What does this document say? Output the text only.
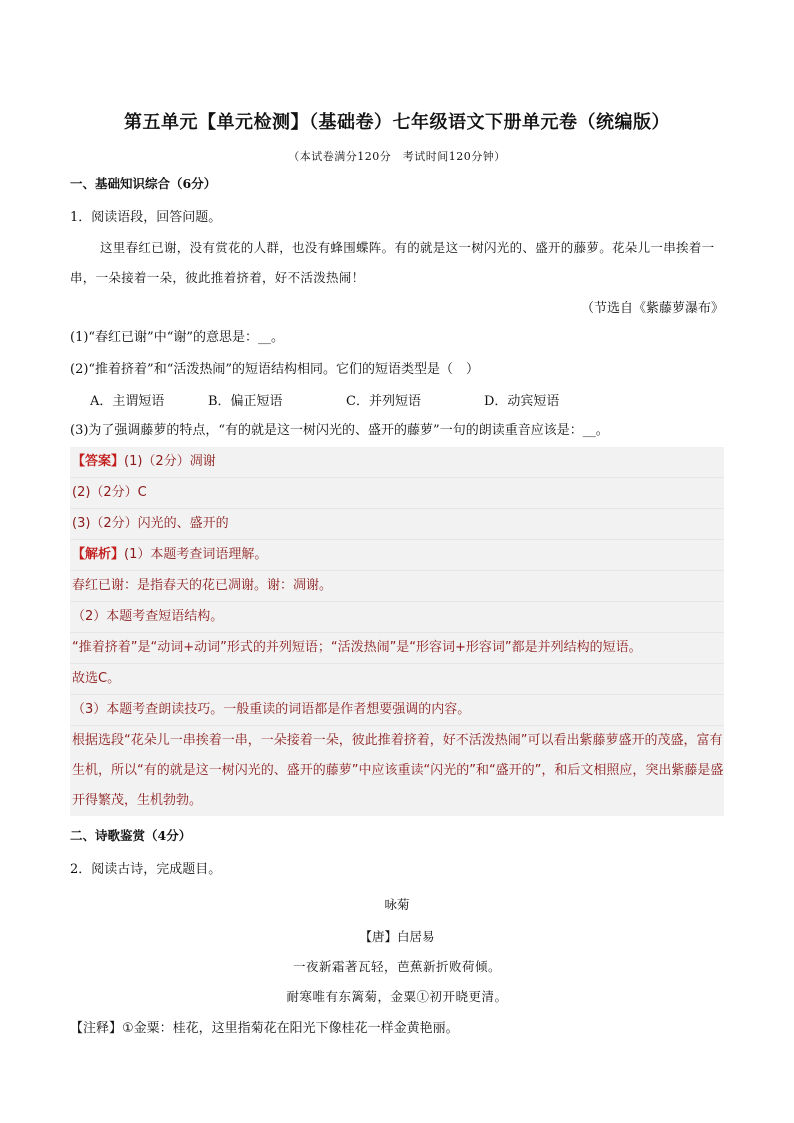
第五单元【单元检测】（基础卷）七年级语文下册单元卷（统编版）
（本试卷满分120分　考试时间120分钟）
一、基础知识综合（6分）
1．阅读语段，回答问题。
这里春红已谢，没有赏花的人群，也没有蜂围蝶阵。有的就是这一树闪光的、盛开的藤萝。花朵儿一串挨着一串，一朵接着一朵，彼此推着挤着，好不活泼热闹！
（节选自《紫藤萝瀑布》
(1)“春红已谢”中“谢”的意思是：__。
(2)“推着挤着”和“活泼热闹”的短语结构相同。它们的短语类型是（　）
A．主谓短语	B．偏正短语	C．并列短语	D．动宾短语
(3)为了强调藤萝的特点，“有的就是这一树闪光的、盛开的藤萝”一句的朗读重音应该是：__。
【答案】(1)（2分）凋谢
(2)（2分）C
(3)（2分）闪光的、盛开的
【解析】(1）本题考查词语理解。
春红已谢：是指春天的花已凋谢。谢：凋谢。
（2）本题考查短语结构。
“推着挤着”是“动词+动词”形式的并列短语；“活泼热闹”是“形容词+形容词”都是并列结构的短语。
故选C。
（3）本题考查朗读技巧。一般重读的词语都是作者想要强调的内容。
根据选段“花朵儿一串挨着一串，一朵接着一朵，彼此推着挤着，好不活泼热闹”可以看出紫藤萝盛开的茂盛，富有生机，所以“有的就是这一树闪光的、盛开的藤萝”中应该重读“闪光的”和“盛开的”，和后文相照应，突出紫藤是盛开得繁茂，生机勃勃。
二、诗歌鉴赏（4分）
2．阅读古诗，完成题目。
咏菊
【唐】白居易
一夜新霜著瓦轻，芭蕉新折败荷倾。
耐寒唯有东篱菊，金粟①初开晓更清。
【注释】①金粟：桂花，这里指菊花在阳光下像桂花一样金黄艳丽。
